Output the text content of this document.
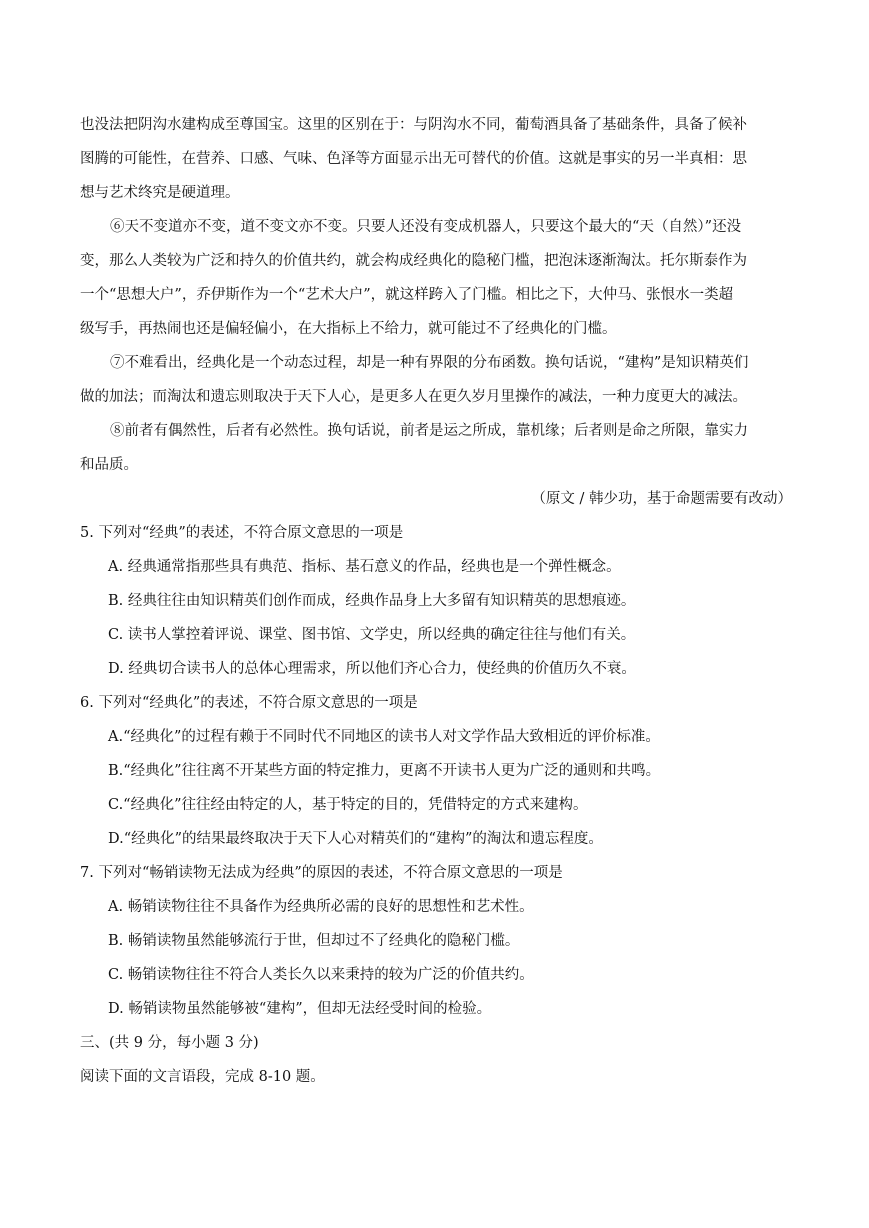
也没法把阴沟水建构成至尊国宝。这里的区别在于：与阴沟水不同，葡萄酒具备了基础条件，具备了候补
图腾的可能性，在营养、口感、气味、色泽等方面显示出无可替代的价值。这就是事实的另一半真相：思
想与艺术终究是硬道理。
⑥天不变道亦不变，道不变文亦不变。只要人还没有变成机器人，只要这个最大的“天（自然）”还没
变，那么人类较为广泛和持久的价值共约，就会构成经典化的隐秘门槛，把泡沫逐渐淘汰。托尔斯泰作为
一个“思想大户”，乔伊斯作为一个“艺术大户”，就这样跨入了门槛。相比之下，大仲马、张恨水一类超
级写手，再热闹也还是偏轻偏小，在大指标上不给力，就可能过不了经典化的门槛。
⑦不难看出，经典化是一个动态过程，却是一种有界限的分布函数。换句话说，“建构”是知识精英们
做的加法；而淘汰和遗忘则取决于天下人心，是更多人在更久岁月里操作的减法，一种力度更大的减法。
⑧前者有偶然性，后者有必然性。换句话说，前者是运之所成，靠机缘；后者则是命之所限，靠实力
和品质。
（原文 / 韩少功，基于命题需要有改动）
5. 下列对“经典”的表述，不符合原文意思的一项是
A. 经典通常指那些具有典范、指标、基石意义的作品，经典也是一个弹性概念。
B. 经典往往由知识精英们创作而成，经典作品身上大多留有知识精英的思想痕迹。
C. 读书人掌控着评说、课堂、图书馆、文学史，所以经典的确定往往与他们有关。
D. 经典切合读书人的总体心理需求，所以他们齐心合力，使经典的价值历久不衰。
6. 下列对“经典化”的表述，不符合原文意思的一项是
A.“经典化”的过程有赖于不同时代不同地区的读书人对文学作品大致相近的评价标准。
B.“经典化”往往离不开某些方面的特定推力，更离不开读书人更为广泛的通则和共鸣。
C.“经典化”往往经由特定的人，基于特定的目的，凭借特定的方式来建构。
D.“经典化”的结果最终取决于天下人心对精英们的“建构”的淘汰和遗忘程度。
7. 下列对“畅销读物无法成为经典”的原因的表述，不符合原文意思的一项是
A. 畅销读物往往不具备作为经典所必需的良好的思想性和艺术性。
B. 畅销读物虽然能够流行于世，但却过不了经典化的隐秘门槛。
C. 畅销读物往往不符合人类长久以来秉持的较为广泛的价值共约。
D. 畅销读物虽然能够被“建构”，但却无法经受时间的检验。
三、(共 9 分，每小题 3 分)
阅读下面的文言语段，完成 8-10 题。
